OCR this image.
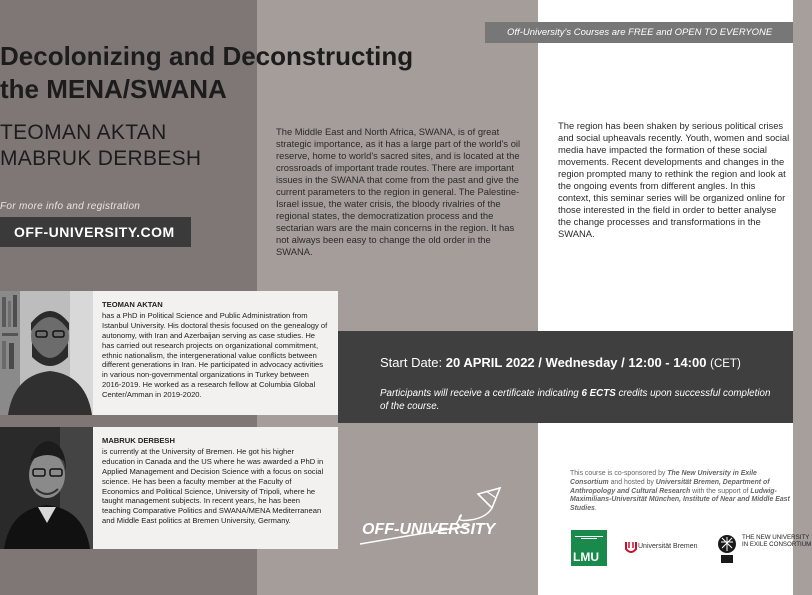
Off-University's Courses are FREE and OPEN TO EVERYONE
Decolonizing and Deconstructing
the MENA/SWANA
TEOMAN AKTAN
MABRUK DERBESH
For more info and registration
OFF-UNIVERSITY.COM

The Middle East and North Africa, SWANA, is of great strategic importance, as it has a large part of the world's oil reserve, home to world's sacred sites, and is located at the crossroads of important trade routes. There are important issues in the SWANA that come from the past and give the current parameters to the region in general. The Palestine-Israel issue, the water crisis, the bloody rivalries of the regional states, the democratization process and the sectarian wars are the main concerns in the region. It has not always been easy to change the old order in the SWANA.

The region has been shaken by serious political crises and social upheavals recently. Youth, women and social media have impacted the formation of these social movements. Recent developments and changes in the region prompted many to rethink the region and look at the ongoing events from different angles. In this context, this seminar series will be organized online for those interested in the field in order to better analyse the change processes and transformations in the SWANA.

TEOMAN AKTAN
has a PhD in Political Science and Public Administration from Istanbul University. His doctoral thesis focused on the genealogy of autonomy, with Iran and Azerbaijan serving as case studies. He has carried out research projects on organizational commitment, ethnic nationalism, the intergenerational value conflicts between different generations in Iran. He participated in advocacy activities in various non-governmental organizations in Turkey between 2016-2019. He worked as a research fellow at Columbia Global Center/Amman in 2019-2020.
MABRUK DERBESH
is currently at the University of Bremen. He got his higher education in Canada and the US where he was awarded a PhD in Applied Management and Decision Science with a focus on social science. He has been a faculty member at the Faculty of Economics and Political Science, University of Tripoli, where he taught management subjects. In recent years, he has been teaching Comparative Politics and SWANA/MENA Mediterranean and Middle East politics at Bremen University, Germany.
Start Date: 20 APRIL 2022 / Wednesday / 12:00 - 14:00 (CET)
Participants will receive a certificate indicating 6 ECTS credits upon successful completion of the course.
OFF-UNIVERSITY
This course is co-sponsored by The New University in Exile Consortium and hosted by Universität Bremen, Department of Anthropology and Cultural Research with the support of Ludwig-Maximilians-Universität München, Institute of Near and Middle East Studies.
LMU
Universität Bremen
THE NEW UNIVERSITY IN EXILE CONSORTIUM
